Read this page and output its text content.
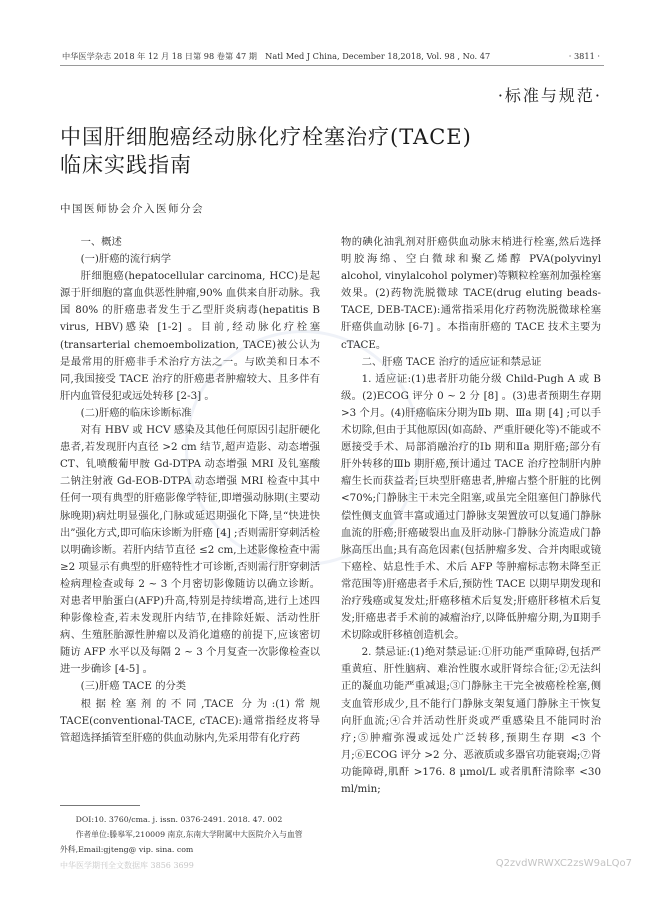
中华医学杂志 2018 年 12 月 18 日第 98 卷第 47 期　Natl Med J China, December 18,2018, Vol. 98 , No. 47	· 3811 ·
·标准与规范·
中国肝细胞癌经动脉化疗栓塞治疗(TACE)
临床实践指南
中国医师协会介入医师分会
一、概述
(一)肝癌的流行病学

肝细胞癌(hepatocellular carcinoma, HCC)是起源于肝细胞的富血供恶性肿瘤,90% 血供来自肝动脉。我国 80% 的肝癌患者发生于乙型肝炎病毒(hepatitis B virus, HBV)感染 [1-2] 。目前,经动脉化疗栓塞(transarterial chemoembolization, TACE)被公认为是最常用的肝癌非手术治疗方法之一。与欧美和日本不同,我国接受 TACE 治疗的肝癌患者肿瘤较大、且多伴有肝内血管侵犯或远处转移 [2-3] 。

(二)肝癌的临床诊断标准

对有 HBV 或 HCV 感染及其他任何原因引起肝硬化患者,若发现肝内直径 >2 cm 结节,超声造影、动态增强 CT、钆喷酸葡甲胺 Gd-DTPA 动态增强 MRI 及钆塞酸二钠注射液 Gd-EOB-DTPA 动态增强 MRI 检查中其中任何一项有典型的肝癌影像学特征,即增强动脉期(主要动脉晚期)病灶明显强化,门脉或延迟期强化下降,呈“快进快出”强化方式,即可临床诊断为肝癌 [4] ;否则需肝穿刺活检以明确诊断。若肝内结节直径 ≤2 cm,上述影像检查中需 ≥2 项显示有典型的肝癌特性才可诊断,否则需行肝穿刺活检病理检查或每 2 ~ 3 个月密切影像随访以确立诊断。对患者甲胎蛋白(AFP)升高,特别是持续增高,进行上述四种影像检查,若未发现肝内结节,在排除妊娠、活动性肝病、生殖胚胎源性肿瘤以及消化道癌的前提下,应该密切随访 AFP 水平以及每隔 2 ~ 3 个月复查一次影像检查以进一步确诊 [4-5] 。

(三)肝癌 TACE 的分类

根据栓塞剂的不同,TACE 分为:(1)常规 TACE(conventional-TACE, cTACE):通常指经皮将导管超选择插管至肝癌的供血动脉内,先采用带有化疗药

物的碘化油乳剂对肝癌供血动脉末梢进行栓塞,然后选择明胶海绵、空白微球和聚乙烯醇 PVA(polyvinyl alcohol, vinylalcohol polymer)等颗粒栓塞剂加强栓塞效果。(2)药物洗脱微球 TACE(drug eluting beads-TACE, DEB-TACE):通常指采用化疗药物洗脱微球栓塞肝癌供血动脉 [6-7] 。本指南肝癌的 TACE 技术主要为 cTACE。

二、肝癌 TACE 治疗的适应证和禁忌证

1. 适应证:(1)患者肝功能分级 Child-Pugh A 或 B 级。(2)ECOG 评分 0 ~ 2 分 [8] 。(3)患者预期生存期 >3 个月。(4)肝癌临床分期为Ⅱb 期、Ⅲa 期 [4] ;可以手术切除,但由于其他原因(如高龄、严重肝硬化等)不能或不愿接受手术、局部消融治疗的Ⅰb 期和Ⅱa 期肝癌;部分有肝外转移的Ⅲb 期肝癌,预计通过 TACE 治疗控制肝内肿瘤生长而获益者;巨块型肝癌患者,肿瘤占整个肝脏的比例 <70%;门静脉主干未完全阻塞,或虽完全阻塞但门静脉代偿性侧支血管丰富或通过门静脉支架置放可以复通门静脉血流的肝癌;肝癌破裂出血及肝动脉-门静脉分流造成门静脉高压出血;具有高危因素(包括肿瘤多发、合并肉眼或镜下癌栓、姑息性手术、术后 AFP 等肿瘤标志物未降至正常范围等)肝癌患者手术后,预防性 TACE 以期早期发现和治疗残癌或复发灶;肝癌移植术后复发;肝癌肝移植术后复发;肝癌患者手术前的减瘤治疗,以降低肿瘤分期,为Ⅱ期手术切除或肝移植创造机会。

2. 禁忌证:(1)绝对禁忌证:①肝功能严重障碍,包括严重黄疸、肝性脑病、难治性腹水或肝肾综合征;②无法纠正的凝血功能严重减退;③门静脉主干完全被癌栓栓塞,侧支血管形成少,且不能行门静脉支架复通门静脉主干恢复向肝血流;④合并活动性肝炎或严重感染且不能同时治疗;⑤肿瘤弥漫或远处广泛转移,预期生存期 <3 个月;⑥ECOG 评分 >2 分、恶液质或多器官功能衰竭;⑦肾功能障碍,肌酐 >176. 8 μmol/L 或者肌酐清除率 <30 ml/min;

DOI:10. 3760/cma. j. issn. 0376-2491. 2018. 47. 002

作者单位:滕皋军,210009 南京,东南大学附属中大医院介入与血管外科,Email:gjteng@ vip. sina. com

中华医学期刊全文数据库 3856 3699	Q2zvdWRWXC2zsW9aLQo7
